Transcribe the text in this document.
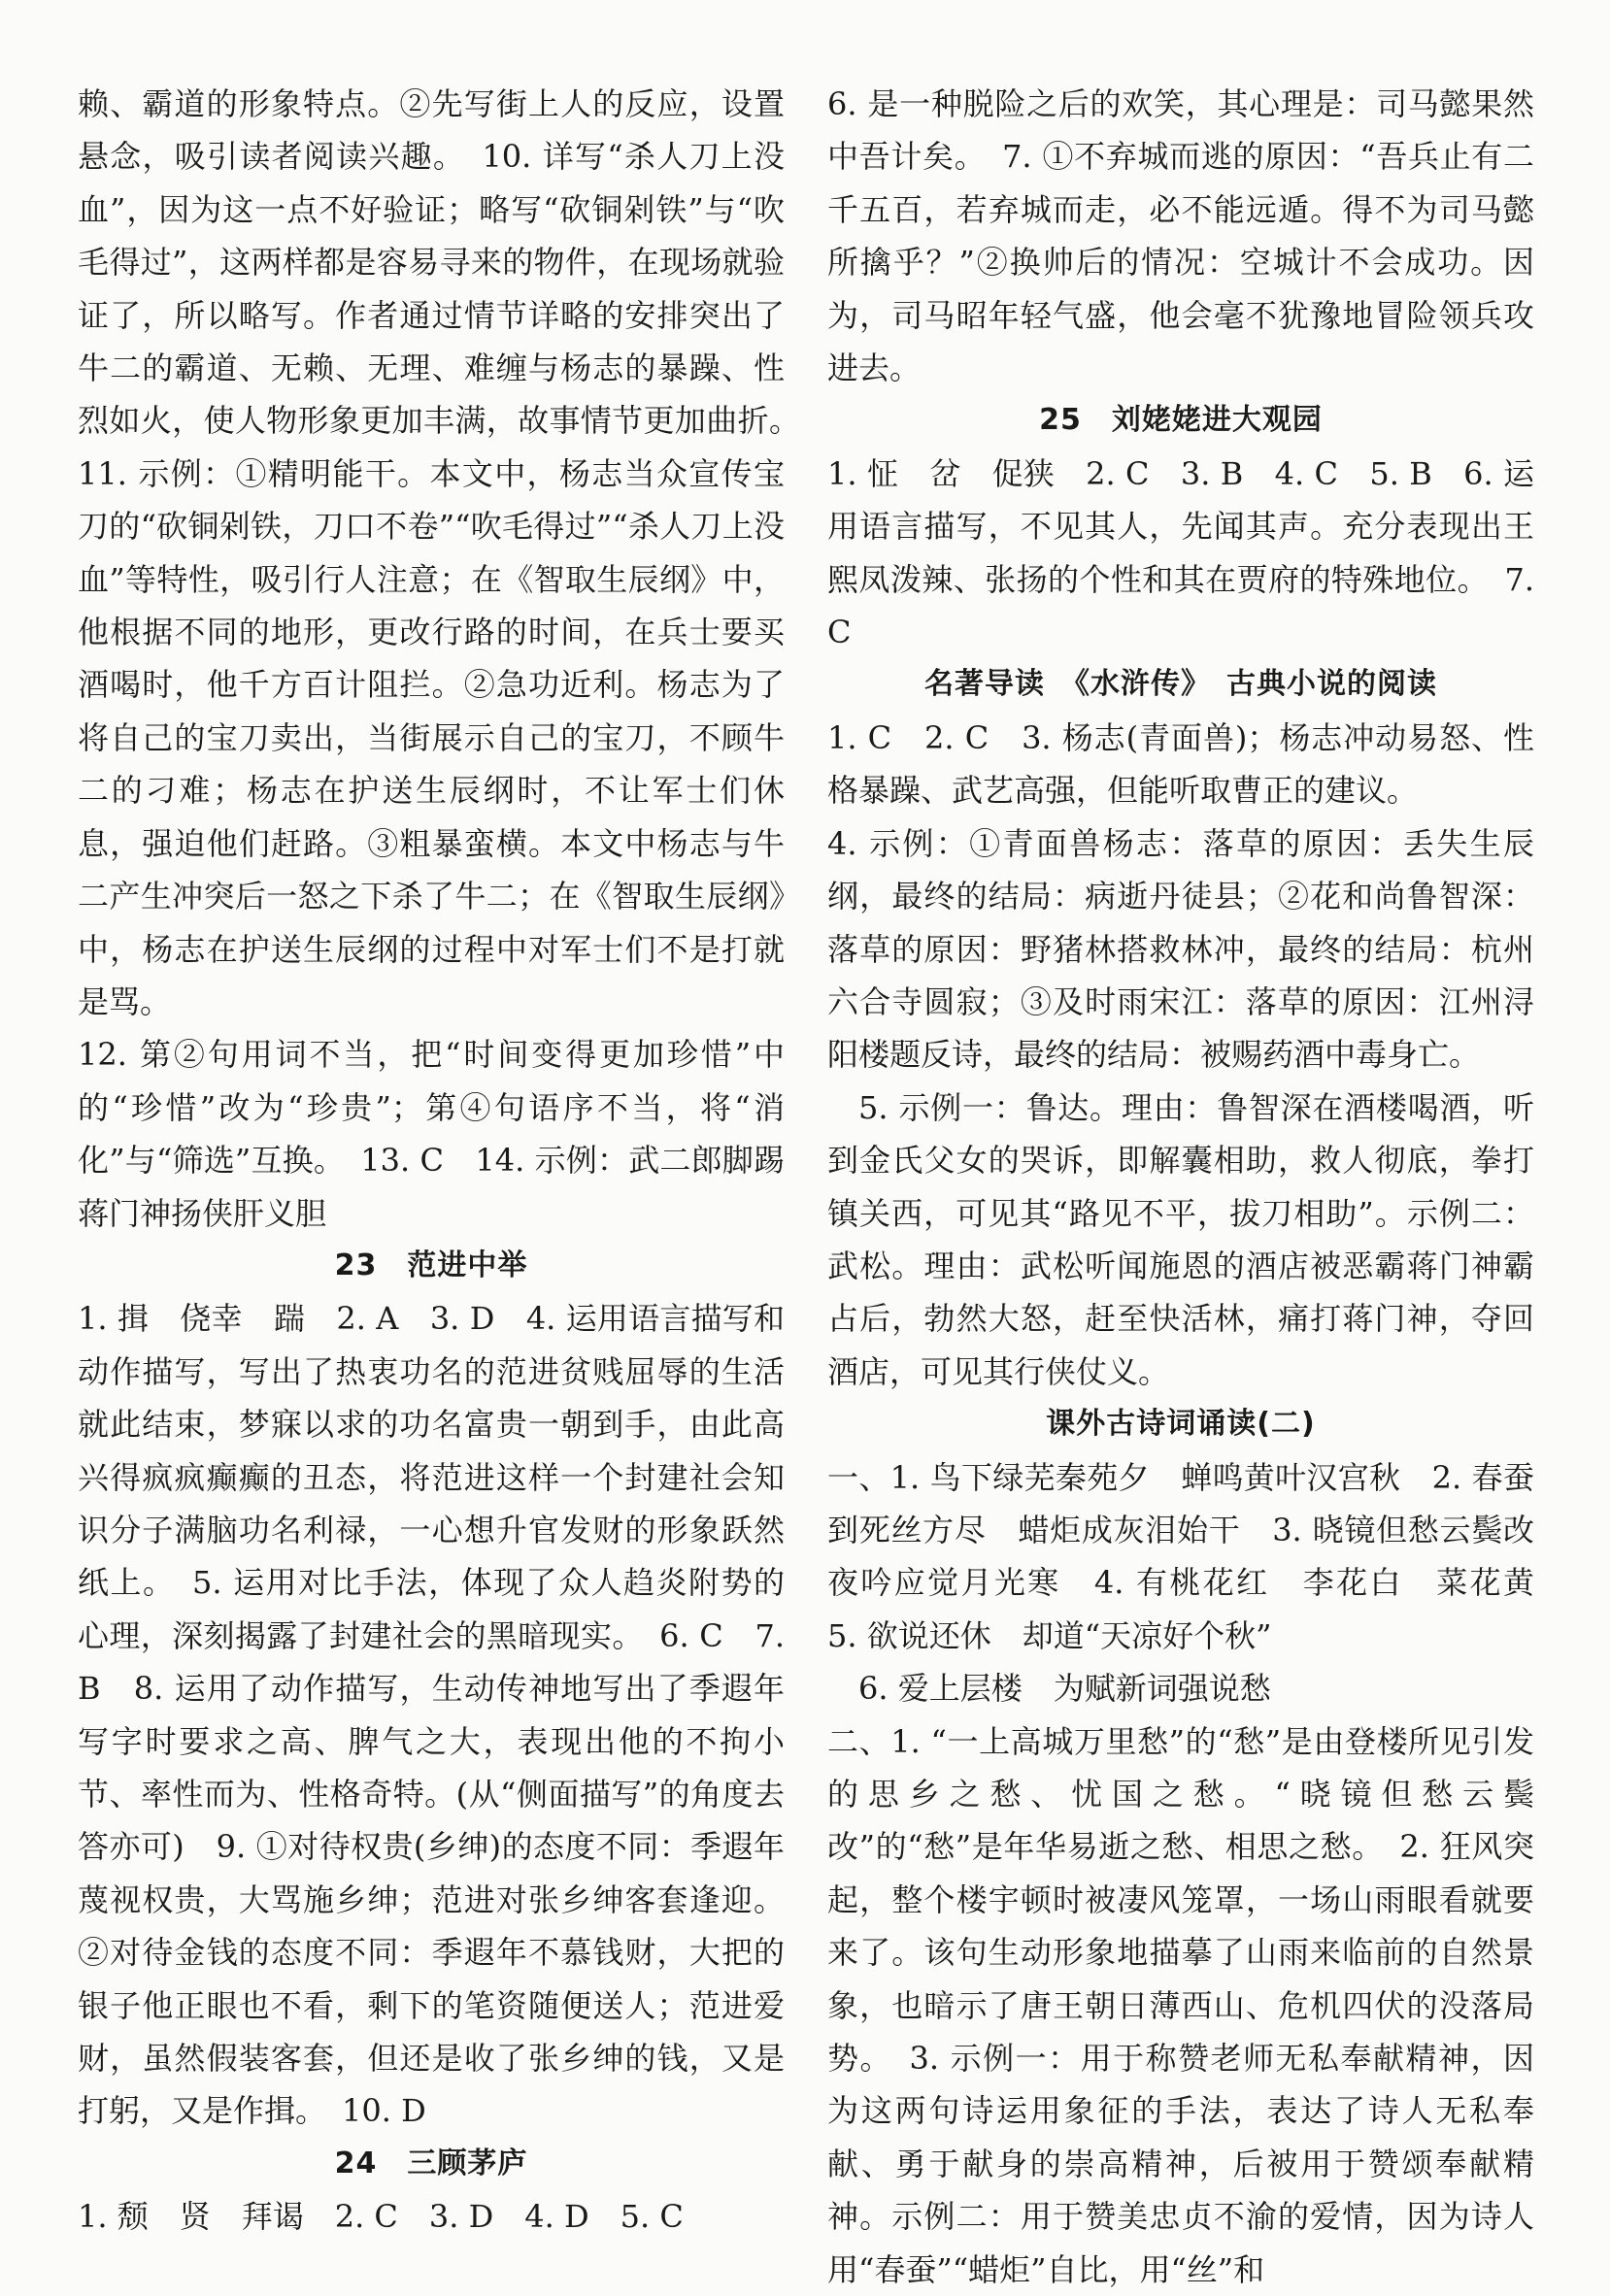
赖、霸道的形象特点。②先写街上人的反应，设置悬念，吸引读者阅读兴趣。　10. 详写“杀人刀上没血”，因为这一点不好验证；略写“砍铜剁铁”与“吹毛得过”，这两样都是容易寻来的物件，在现场就验证了，所以略写。作者通过情节详略的安排突出了牛二的霸道、无赖、无理、难缠与杨志的暴躁、性烈如火，使人物形象更加丰满，故事情节更加曲折。　11. 示例：①精明能干。本文中，杨志当众宣传宝刀的“砍铜剁铁，刀口不卷”“吹毛得过”“杀人刀上没血”等特性，吸引行人注意；在《智取生辰纲》中，他根据不同的地形，更改行路的时间，在兵士要买酒喝时，他千方百计阻拦。②急功近利。杨志为了将自己的宝刀卖出，当街展示自己的宝刀，不顾牛二的刁难；杨志在护送生辰纲时，不让军士们休息，强迫他们赶路。③粗暴蛮横。本文中杨志与牛二产生冲突后一怒之下杀了牛二；在《智取生辰纲》中，杨志在护送生辰纲的过程中对军士们不是打就是骂。

12. 第②句用词不当，把“时间变得更加珍惜”中的“珍惜”改为“珍贵”；第④句语序不当，将“消化”与“筛选”互换。　13. C　14. 示例：武二郎脚踢蒋门神扬侠肝义胆

23　范进中举

1. 揖　侥幸　踹　2. A　3. D　4. 运用语言描写和动作描写，写出了热衷功名的范进贫贱屈辱的生活就此结束，梦寐以求的功名富贵一朝到手，由此高兴得疯疯癫癫的丑态，将范进这样一个封建社会知识分子满脑功名利禄，一心想升官发财的形象跃然纸上。　5. 运用对比手法，体现了众人趋炎附势的心理，深刻揭露了封建社会的黑暗现实。　6. C　7. B　8. 运用了动作描写，生动传神地写出了季遐年写字时要求之高、脾气之大，表现出他的不拘小节、率性而为、性格奇特。(从“侧面描写”的角度去答亦可)　9. ①对待权贵(乡绅)的态度不同：季遐年蔑视权贵，大骂施乡绅；范进对张乡绅客套逢迎。②对待金钱的态度不同：季遐年不慕钱财，大把的银子他正眼也不看，剩下的笔资随便送人；范进爱财，虽然假装客套，但还是收了张乡绅的钱，又是打躬，又是作揖。　10. D

24　三顾茅庐

1. 颓　贤　拜谒　2. C　3. D　4. D　5. C

6. 是一种脱险之后的欢笑，其心理是：司马懿果然中吾计矣。　7. ①不弃城而逃的原因：“吾兵止有二千五百，若弃城而走，必不能远遁。得不为司马懿所擒乎？”②换帅后的情况：空城计不会成功。因为，司马昭年轻气盛，他会毫不犹豫地冒险领兵攻进去。

25　刘姥姥进大观园

1. 怔　岔　促狭　2. C　3. B　4. C　5. B　6. 运用语言描写，不见其人，先闻其声。充分表现出王熙凤泼辣、张扬的个性和其在贾府的特殊地位。　7. C

名著导读　《水浒传》　古典小说的阅读

1. C　2. C　3. 杨志(青面兽)；杨志冲动易怒、性格暴躁、武艺高强，但能听取曹正的建议。

4. 示例：①青面兽杨志：落草的原因：丢失生辰纲，最终的结局：病逝丹徒县；②花和尚鲁智深：落草的原因：野猪林搭救林冲，最终的结局：杭州六合寺圆寂；③及时雨宋江：落草的原因：江州浔阳楼题反诗，最终的结局：被赐药酒中毒身亡。

5. 示例一：鲁达。理由：鲁智深在酒楼喝酒，听到金氏父女的哭诉，即解囊相助，救人彻底，拳打镇关西，可见其“路见不平，拔刀相助”。示例二：武松。理由：武松听闻施恩的酒店被恶霸蒋门神霸占后，勃然大怒，赶至快活林，痛打蒋门神，夺回酒店，可见其行侠仗义。

课外古诗词诵读(二)

一、1. 鸟下绿芜秦苑夕　蝉鸣黄叶汉宫秋　2. 春蚕到死丝方尽　蜡炬成灰泪始干　3. 晓镜但愁云鬓改　夜吟应觉月光寒　4. 有桃花红　李花白　菜花黄　5. 欲说还休　却道“天凉好个秋”

6. 爱上层楼　为赋新词强说愁

二、1. “一上高城万里愁”的“愁”是由登楼所见引发的思乡之愁、忧国之愁。“晓镜但愁云鬓改”的“愁”是年华易逝之愁、相思之愁。　2. 狂风突起，整个楼宇顿时被凄风笼罩，一场山雨眼看就要来了。该句生动形象地描摹了山雨来临前的自然景象，也暗示了唐王朝日薄西山、危机四伏的没落局势。　3. 示例一：用于称赞老师无私奉献精神，因为这两句诗运用象征的手法，表达了诗人无私奉献、勇于献身的崇高精神，后被用于赞颂奉献精神。示例二：用于赞美忠贞不渝的爱情，因为诗人用“春蚕”“蜡炬”自比，用“丝”和
